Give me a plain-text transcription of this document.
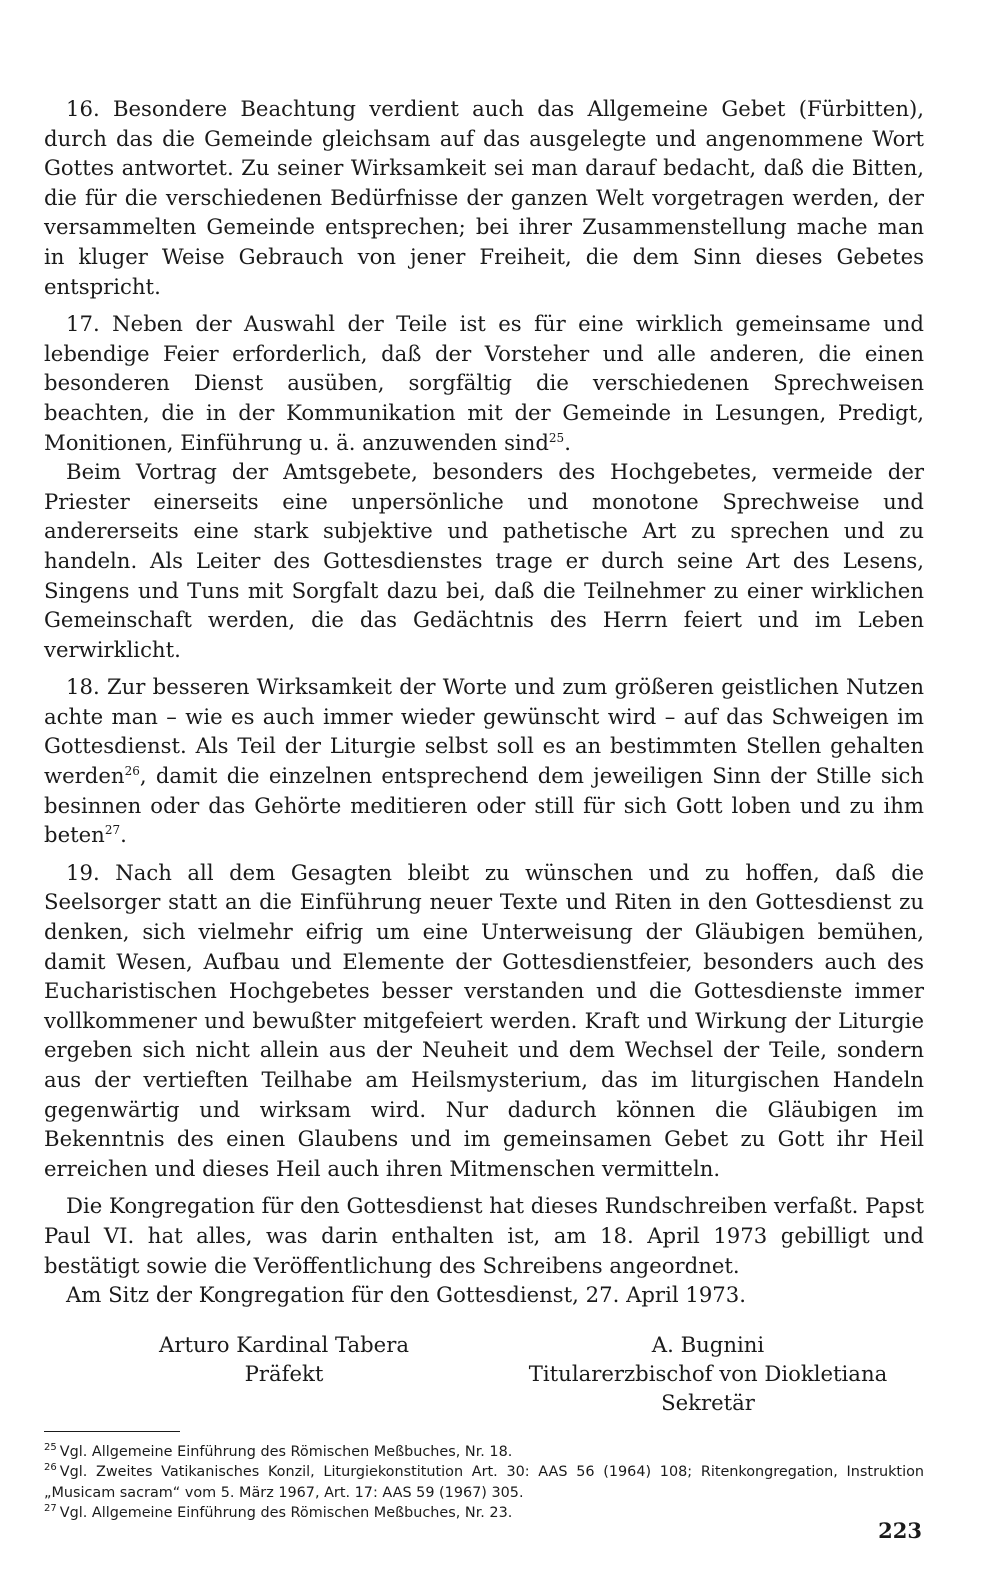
16. Besondere Beachtung verdient auch das Allgemeine Gebet (Fürbitten), durch das die Gemeinde gleichsam auf das ausgelegte und angenommene Wort Gottes antwortet. Zu seiner Wirksamkeit sei man darauf bedacht, daß die Bitten, die für die verschiedenen Bedürfnisse der ganzen Welt vorgetragen werden, der versammelten Gemeinde entsprechen; bei ihrer Zusammenstellung mache man in kluger Weise Gebrauch von jener Freiheit, die dem Sinn dieses Gebetes entspricht.

17. Neben der Auswahl der Teile ist es für eine wirklich gemeinsame und lebendige Feier erforderlich, daß der Vorsteher und alle anderen, die einen besonderen Dienst ausüben, sorgfältig die verschiedenen Sprechweisen beachten, die in der Kommunikation mit der Gemeinde in Lesungen, Predigt, Monitionen, Einführung u. ä. anzuwenden sind$^{25}$.

Beim Vortrag der Amtsgebete, besonders des Hochgebetes, vermeide der Priester einerseits eine unpersönliche und monotone Sprechweise und andererseits eine stark subjektive und pathetische Art zu sprechen und zu handeln. Als Leiter des Gottesdienstes trage er durch seine Art des Lesens, Singens und Tuns mit Sorgfalt dazu bei, daß die Teilnehmer zu einer wirklichen Gemeinschaft werden, die das Gedächtnis des Herrn feiert und im Leben verwirklicht.

18. Zur besseren Wirksamkeit der Worte und zum größeren geistlichen Nutzen achte man – wie es auch immer wieder gewünscht wird – auf das Schweigen im Gottesdienst. Als Teil der Liturgie selbst soll es an bestimmten Stellen gehalten werden$^{26}$, damit die einzelnen entsprechend dem jeweiligen Sinn der Stille sich besinnen oder das Gehörte meditieren oder still für sich Gott loben und zu ihm beten$^{27}$.

19. Nach all dem Gesagten bleibt zu wünschen und zu hoffen, daß die Seelsorger statt an die Einführung neuer Texte und Riten in den Gottesdienst zu denken, sich vielmehr eifrig um eine Unterweisung der Gläubigen bemühen, damit Wesen, Aufbau und Elemente der Gottesdienstfeier, besonders auch des Eucharistischen Hochgebetes besser verstanden und die Gottesdienste immer vollkommener und bewußter mitgefeiert werden. Kraft und Wirkung der Liturgie ergeben sich nicht allein aus der Neuheit und dem Wechsel der Teile, sondern aus der vertieften Teilhabe am Heilsmysterium, das im liturgischen Handeln gegenwärtig und wirksam wird. Nur dadurch können die Gläubigen im Bekenntnis des einen Glaubens und im gemeinsamen Gebet zu Gott ihr Heil erreichen und dieses Heil auch ihren Mitmenschen vermitteln.

Die Kongregation für den Gottesdienst hat dieses Rundschreiben verfaßt. Papst Paul VI. hat alles, was darin enthalten ist, am 18. April 1973 gebilligt und bestätigt sowie die Veröffentlichung des Schreibens angeordnet.

Am Sitz der Kongregation für den Gottesdienst, 27. April 1973.

Arturo Kardinal Tabera
Präfekt
A. Bugnini
Titularerzbischof von Diokletiana
Sekretär

$^{25}$ Vgl. Allgemeine Einführung des Römischen Meßbuches, Nr. 18.

$^{26}$ Vgl. Zweites Vatikanisches Konzil, Liturgiekonstitution Art. 30: AAS 56 (1964) 108; Ritenkongregation, Instruktion „Musicam sacram“ vom 5. März 1967, Art. 17: AAS 59 (1967) 305.

$^{27}$ Vgl. Allgemeine Einführung des Römischen Meßbuches, Nr. 23.

223
